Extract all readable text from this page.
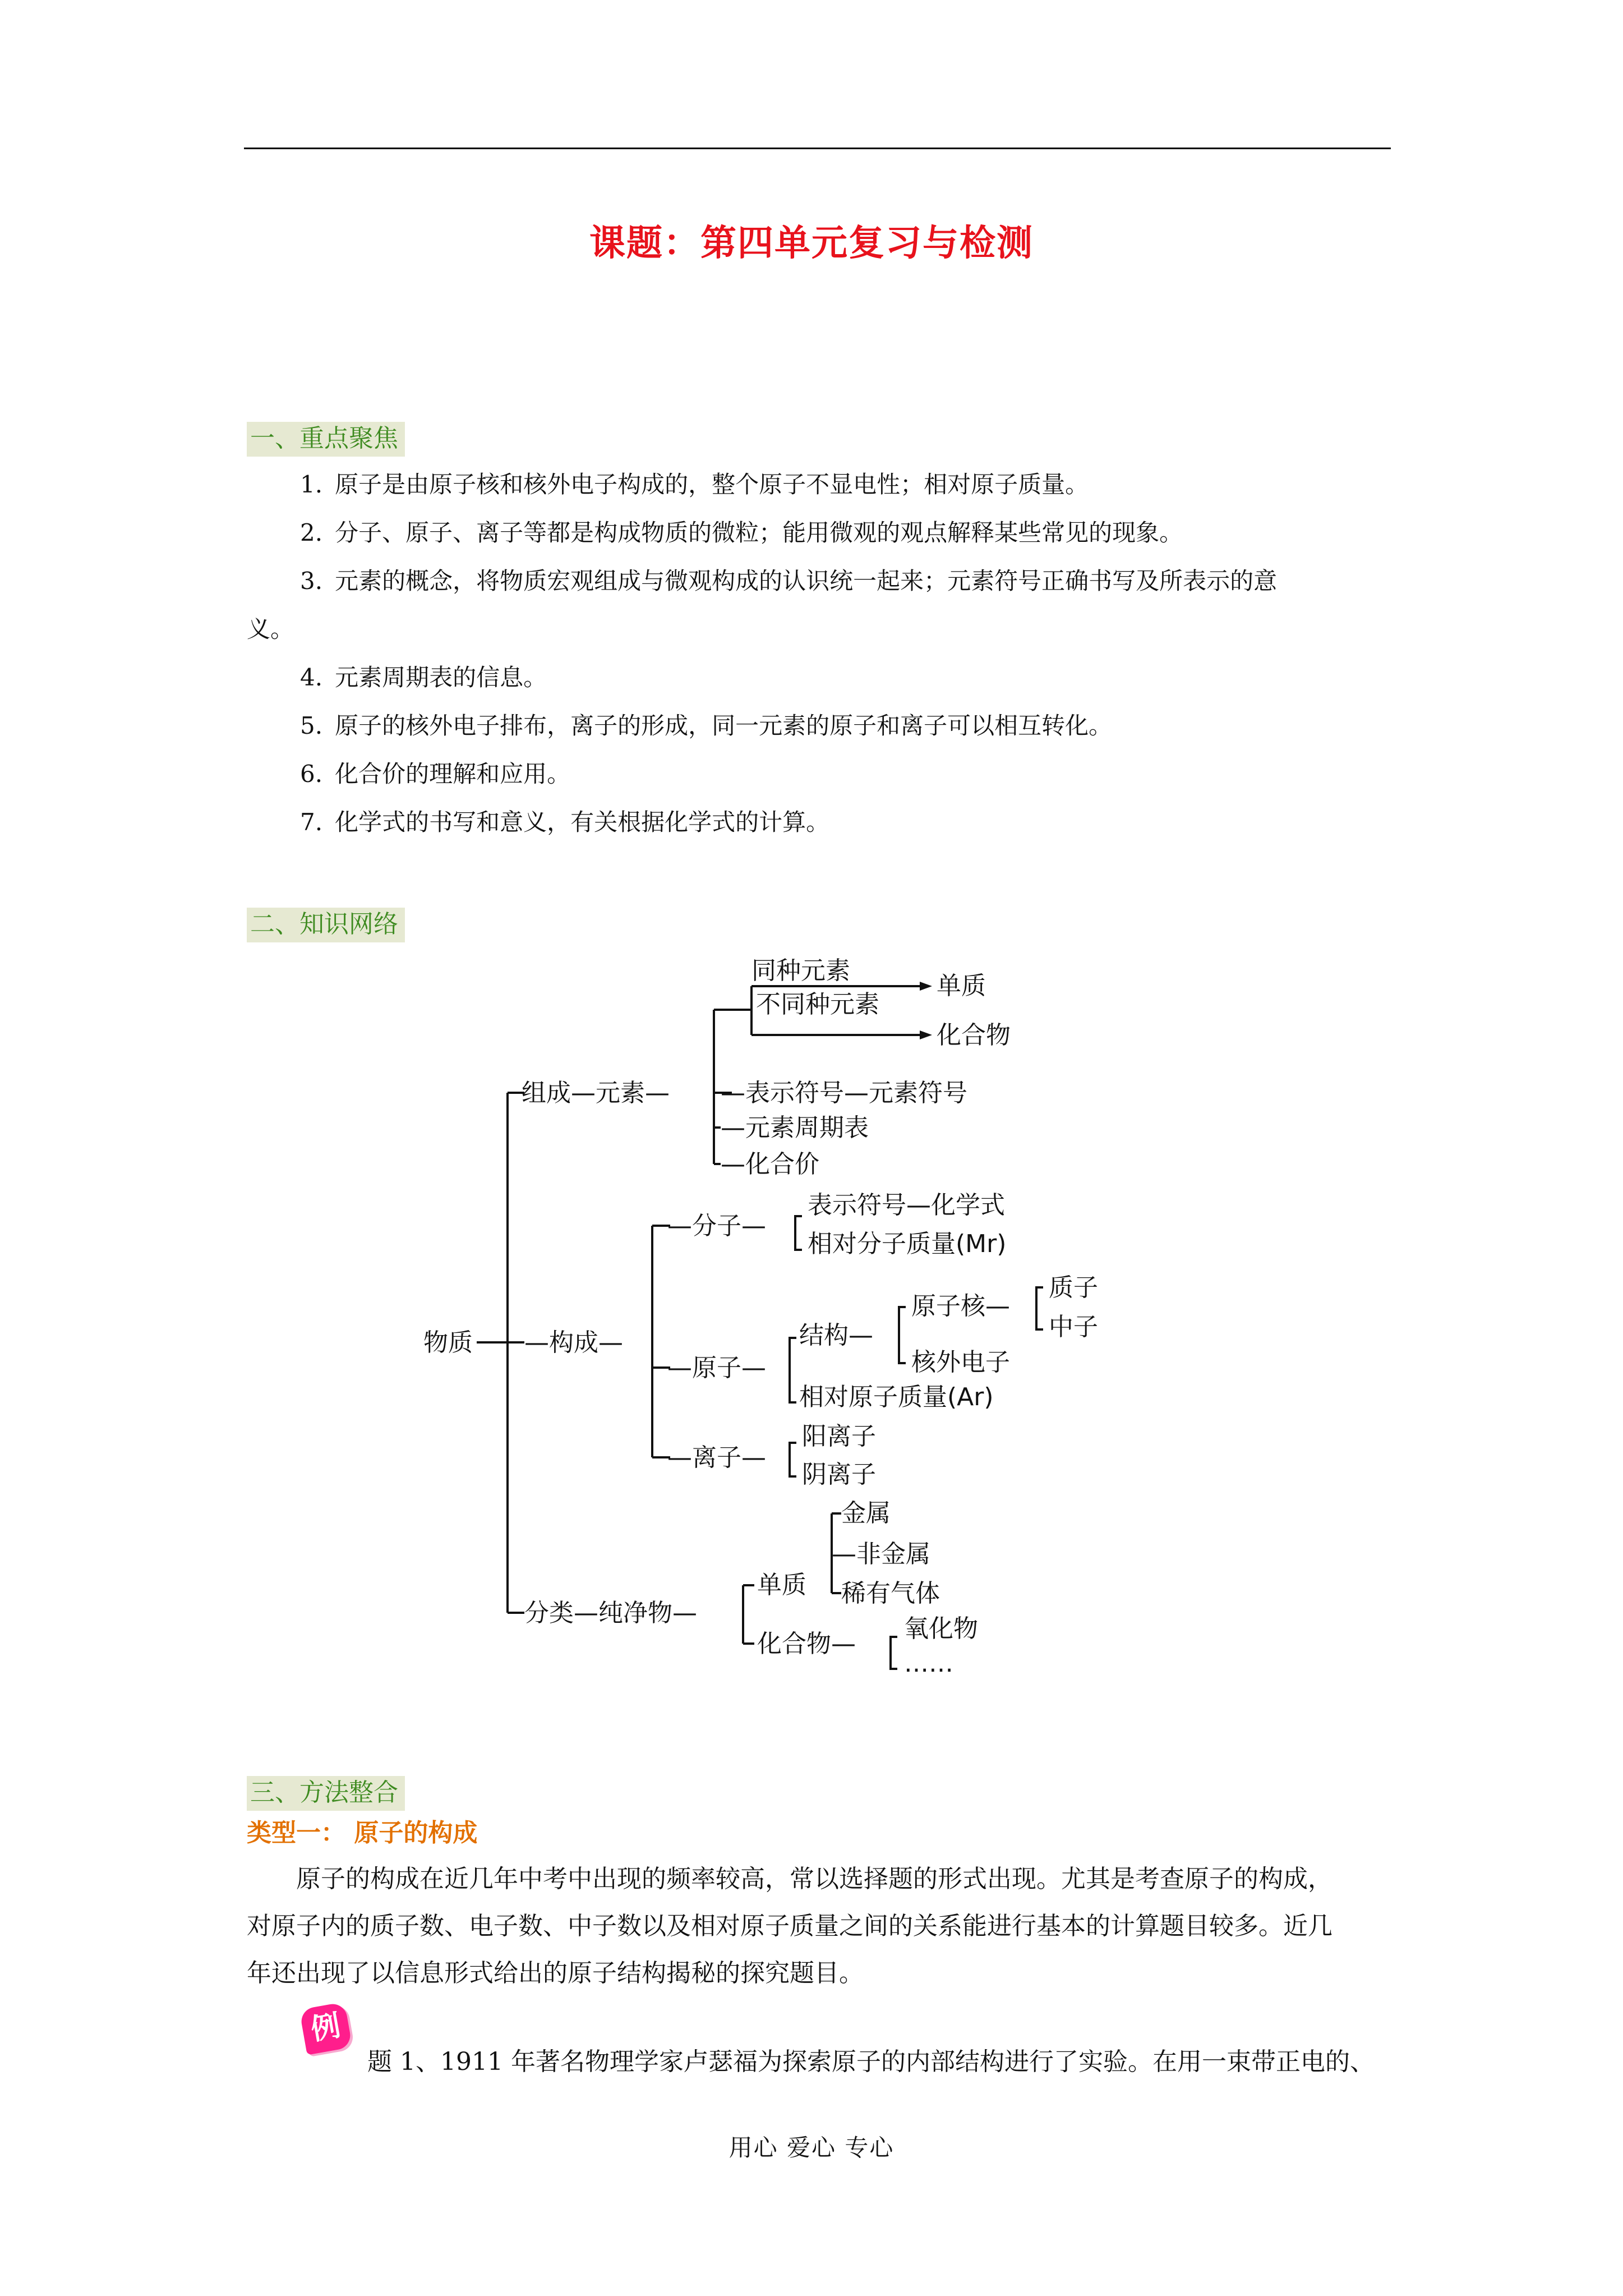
课题：第四单元复习与检测
一、重点聚焦
1. 原子是由原子核和核外电子构成的，整个原子不显电性；相对原子质量。
2. 分子、原子、离子等都是构成物质的微粒；能用微观的观点解释某些常见的现象。
3. 元素的概念，将物质宏观组成与微观构成的认识统一起来；元素符号正确书写及所表示的意
义。
4. 元素周期表的信息。
5. 原子的核外电子排布，离子的形成，同一元素的原子和离子可以相互转化。
6. 化合价的理解和应用。
7. 化学式的书写和意义，有关根据化学式的计算。
二、知识网络
物质
组成—元素—
同种元素
不同种元素
单质
化合物
—表示符号—元素符号
—元素周期表
—化合价
—构成—
—分子—
表示符号—化学式
相对分子质量(Mr)
—原子—
结构—
原子核—
质子
中子
核外电子
相对原子质量(Ar)
—离子—
阳离子
阴离子
分类—纯净物—
单质
金属
—非金属
稀有气体
化合物—
氧化物
……
三、方法整合
类型一： 原子的构成

原子的构成在近几年中考中出现的频率较高，常以选择题的形式出现。尤其是考查原子的构成，

对原子内的质子数、电子数、中子数以及相对原子质量之间的关系能进行基本的计算题目较多。近几

年还出现了以信息形式给出的原子结构揭秘的探究题目。

例
题 1、1911 年著名物理学家卢瑟福为探索原子的内部结构进行了实验。在用一束带正电的、
用心 爱心 专心
